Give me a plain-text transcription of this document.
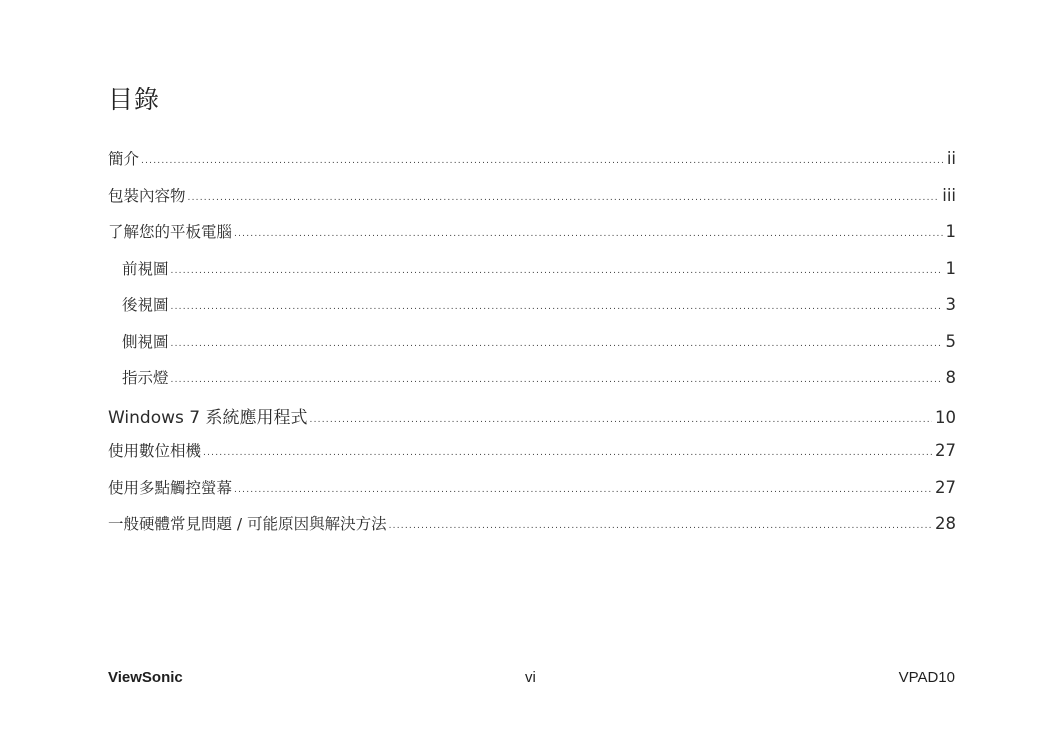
目錄
簡介 .....	ii
包裝內容物 .....	iii
了解您的平板電腦 .....	1
前視圖 .....	1
後視圖 .....	3
側視圖 .....	5
指示燈 .....	8
Windows 7 系統應用程式 .....	10
使用數位相機 .....	27
使用多點觸控螢幕 .....	27
一般硬體常見問題 / 可能原因與解決方法 .....	28
ViewSonic	vi	VPAD10
